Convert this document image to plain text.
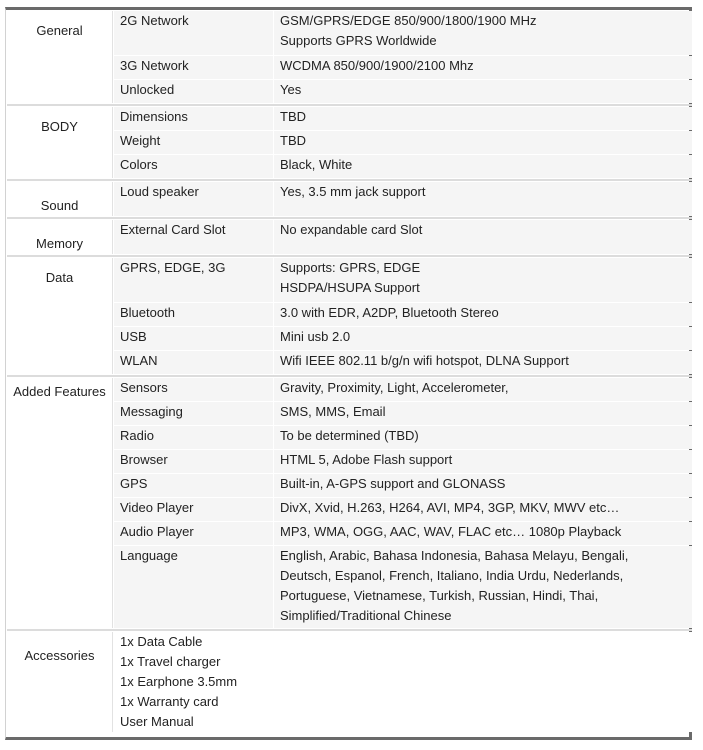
General	2G Network	GSM/GPRS/EDGE 850/900/1800/1900 MHz
Supports GPRS Worldwide

	3G Network	WCDMA 850/900/1900/2100 Mhz
	Unlocked	Yes

BODY	Dimensions	TBD
	Weight	TBD
	Colors	Black, White

Sound	Loud speaker	Yes, 3.5 mm jack support

Memory	External Card Slot	No expandable card Slot

Data	GPRS, EDGE, 3G	Supports: GPRS, EDGE
HSDPA/HSUPA Support

	Bluetooth	3.0 with EDR, A2DP, Bluetooth Stereo
	USB	Mini usb 2.0
	WLAN	Wifi IEEE 802.11 b/g/n wifi hotspot, DLNA Support

Added Features	Sensors	Gravity, Proximity, Light, Accelerometer,
	Messaging	SMS, MMS, Email
	Radio	To be determined (TBD)
	Browser	HTML 5, Adobe Flash support
	GPS	Built-in, A-GPS support and GLONASS
	Video Player	DivX, Xvid, H.263, H264, AVI, MP4, 3GP, MKV, MWV etc…
	Audio Player	MP3, WMA, OGG, AAC, WAV, FLAC etc… 1080p Playback
	Language	English, Arabic, Bahasa Indonesia, Bahasa Melayu, Bengali,
Deutsch, Espanol, French, Italiano, India Urdu, Nederlands,
Portuguese, Vietnamese, Turkish, Russian, Hindi, Thai,
Simplified/Traditional Chinese

Accessories	1x Data Cable
1x Travel charger
1x Earphone 3.5mm
1x Warranty card
User Manual	
